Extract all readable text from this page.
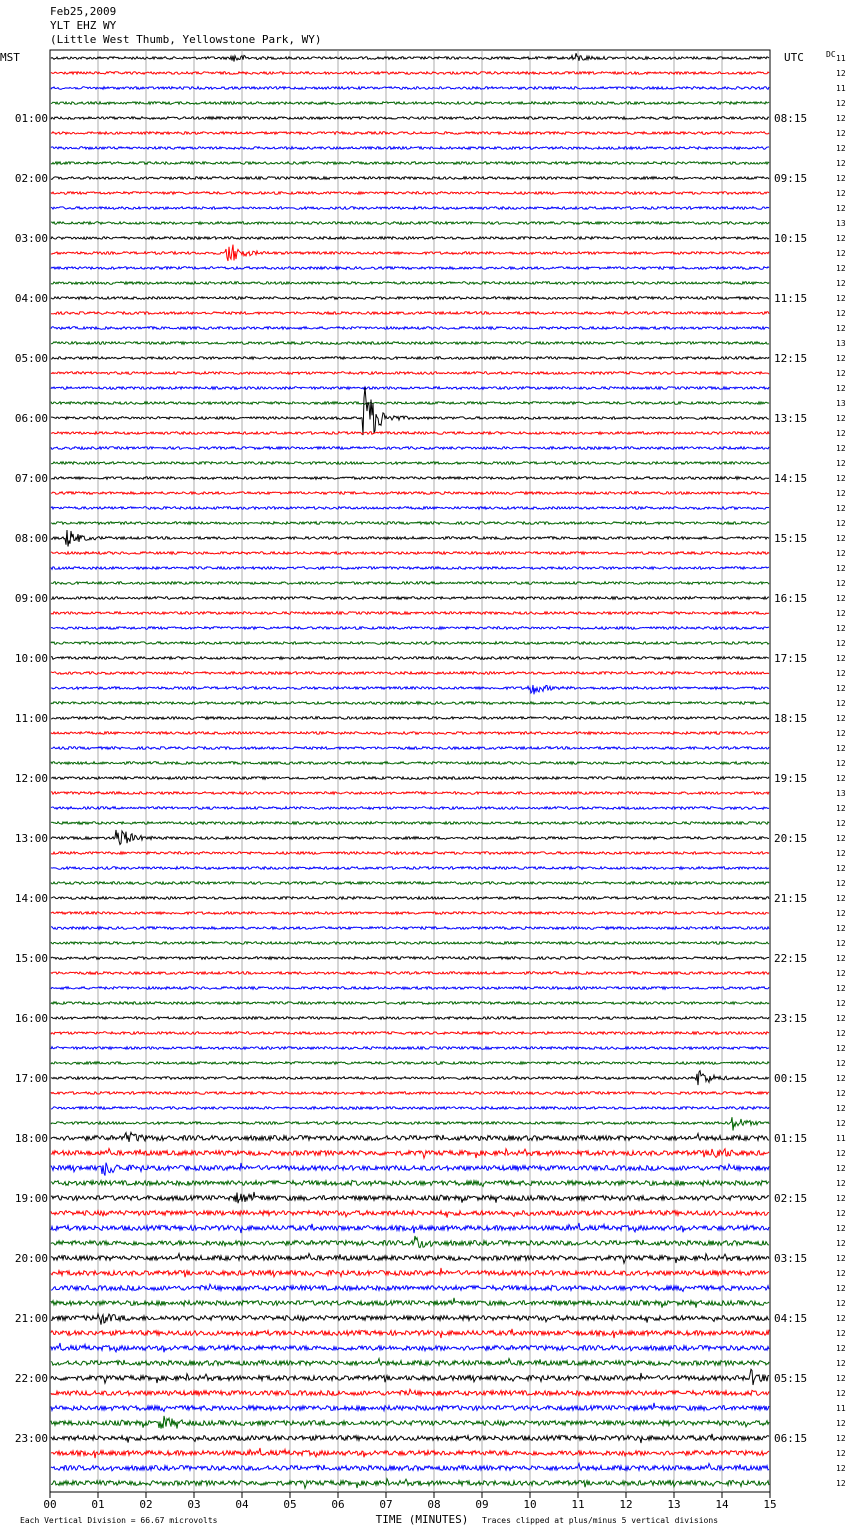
Feb25,2009
YLT EHZ WY
(Little West Thumb, Yellowstone Park, WY)
00	01	02	03	04	05	06	07	08	09	10	11	12	13	14	15
MST	UTC	DC
TIME (MINUTES)
Each Vertical Division = 66.67 microvolts	Traces clipped at plus/minus 5 vertical divisions
01:00
02:00
03:00
04:00
05:00
06:00
07:00
08:00
09:00
10:00
11:00
12:00
13:00
14:00
15:00
16:00
17:00
18:00
19:00
20:00
21:00
22:00
23:00
08:15
09:15
10:15
11:15
12:15
13:15
14:15
15:15
16:15
17:15
18:15
19:15
20:15
21:15
22:15
23:15
00:15
01:15
02:15
03:15
04:15
05:15
06:15
11
12
11
12
12
12
12
12
12
12
12
13
12
12
12
12
12
12
12
13
12
12
12
13
12
12
12
12
12
12
12
12
12
12
12
12
12
12
12
12
12
12
12
12
12
12
12
12
12
13
12
12
12
12
12
12
12
12
12
12
12
12
12
12
12
12
12
12
12
12
12
12
11
12
12
12
12
12
12
12
12
12
12
12
12
12
12
12
12
12
11
12
12
12
12
12
